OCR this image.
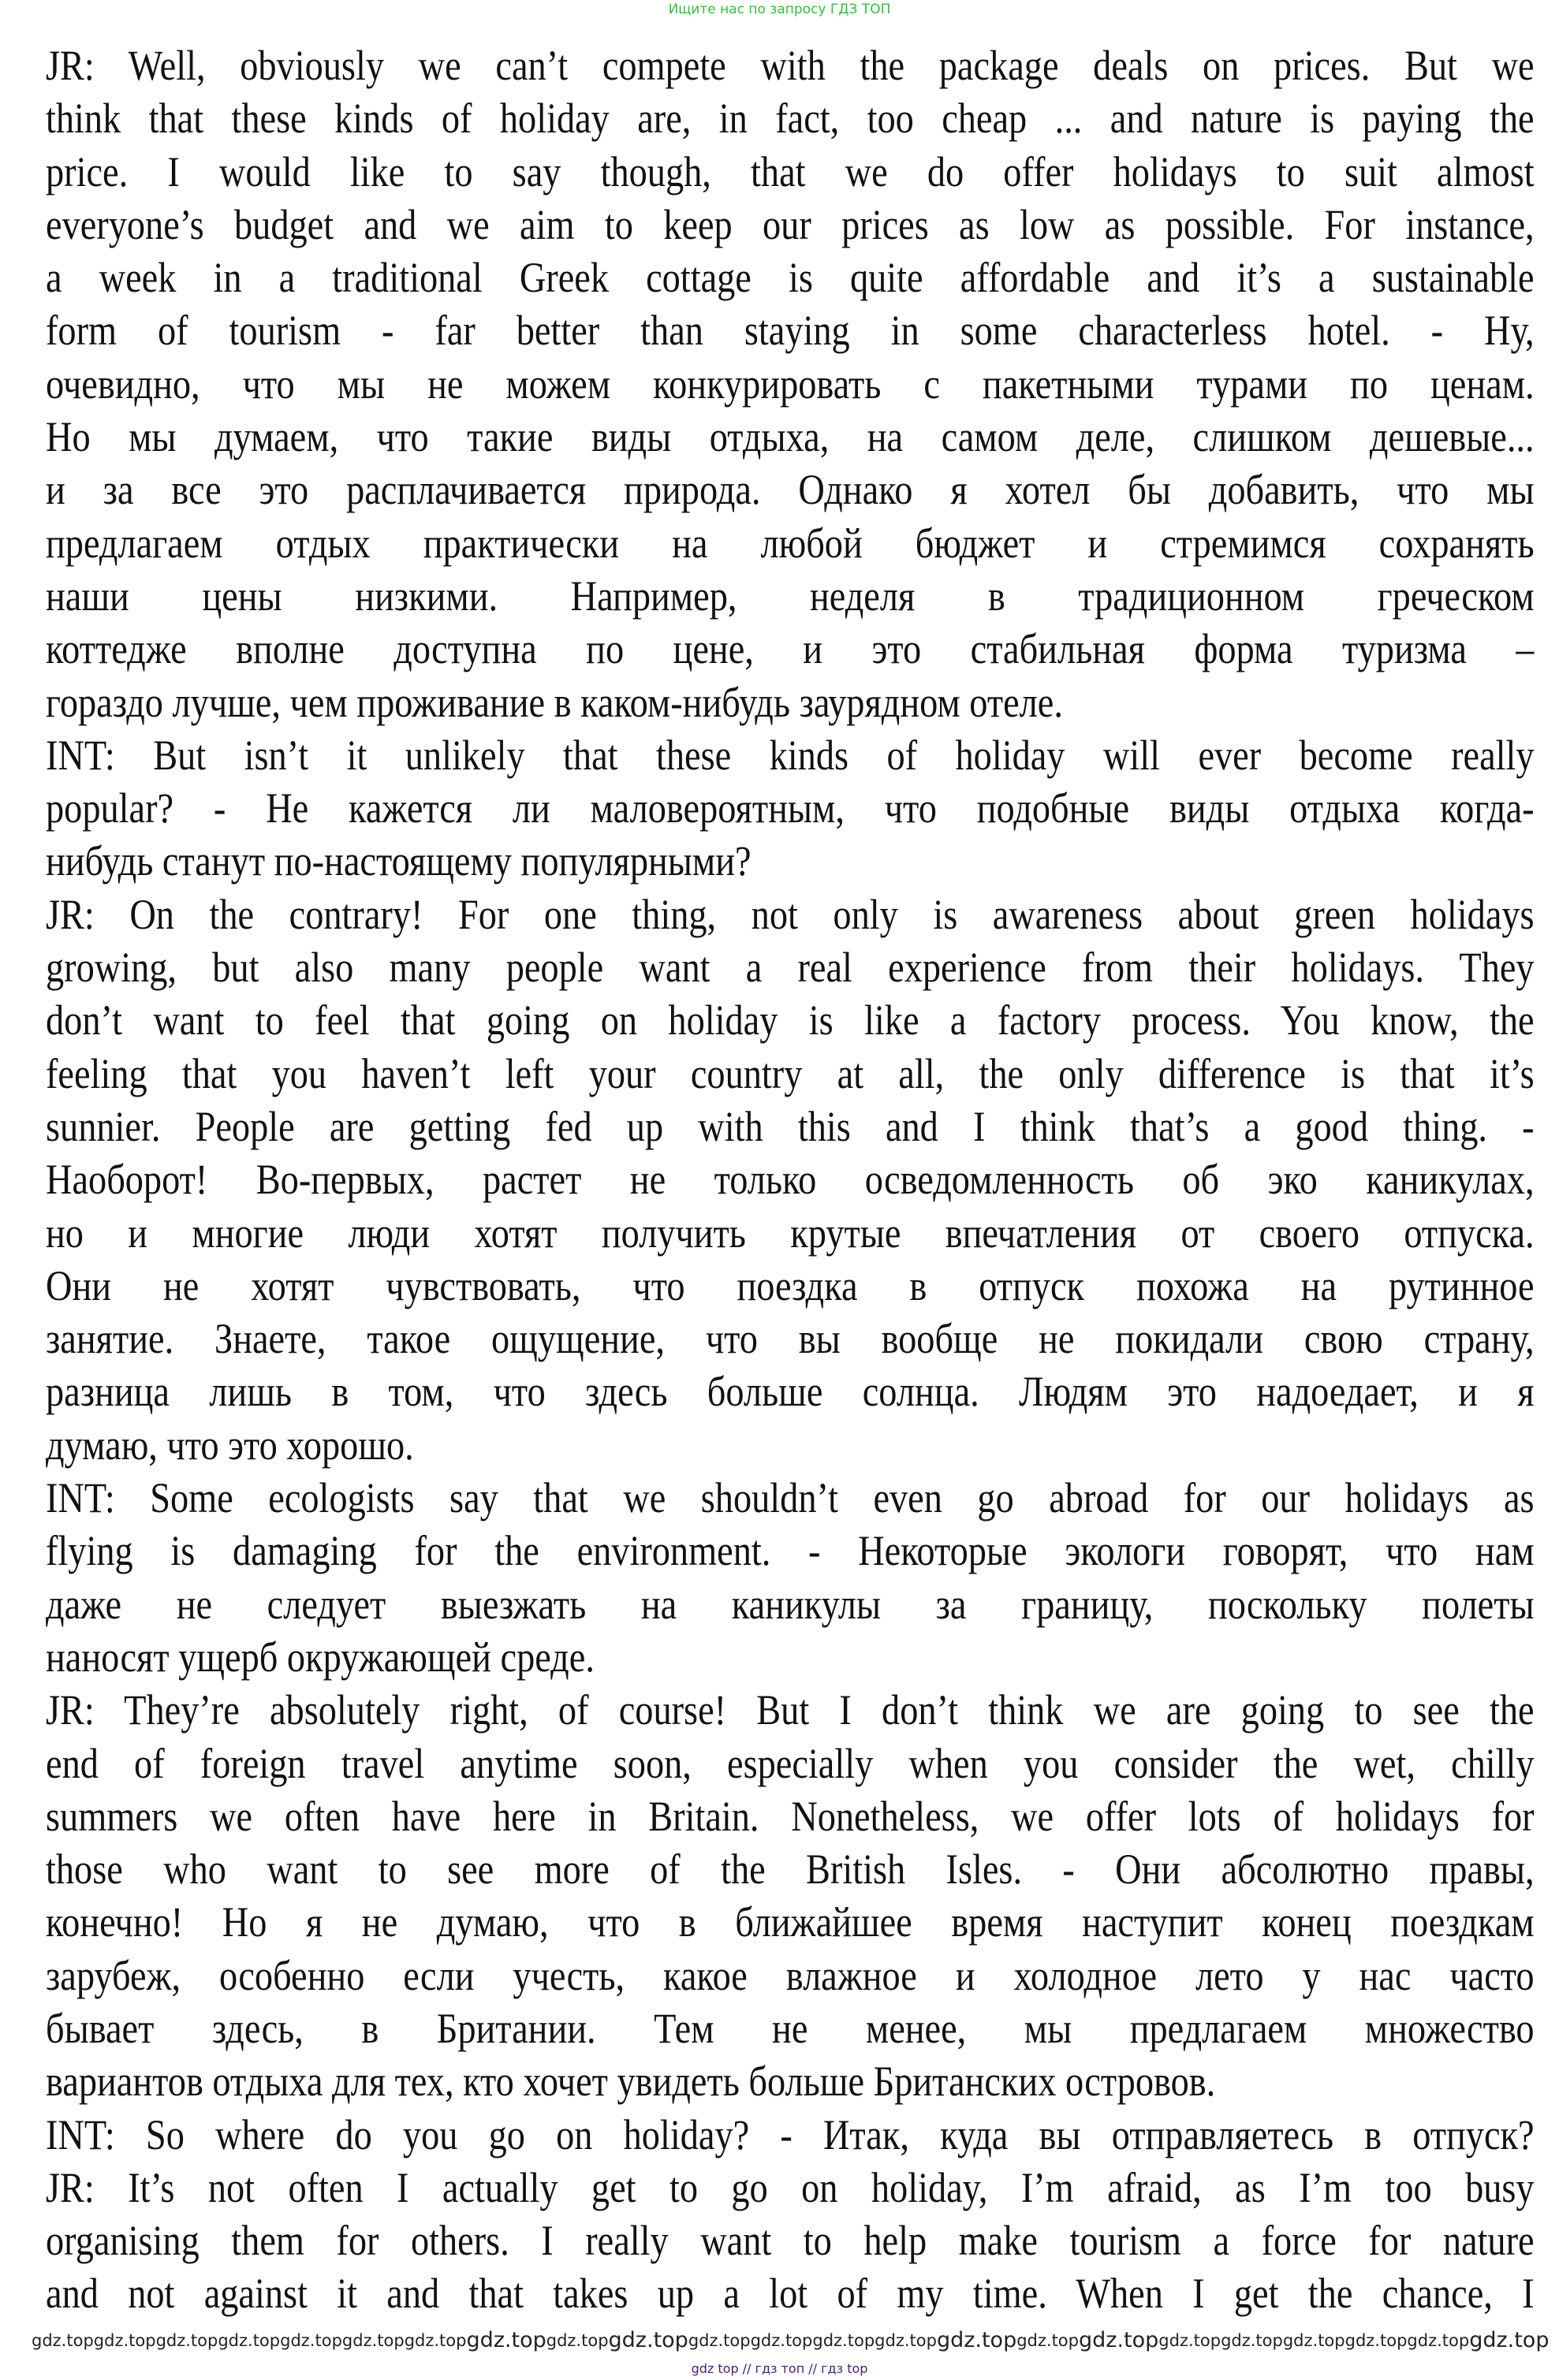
Ищите нас по запросу ГДЗ ТОП
JR: Well, obviously we can’t compete with the package deals on prices. But we
think that these kinds of holiday are, in fact, too cheap ... and nature is paying the
price. I would like to say though, that we do offer holidays to suit almost
everyone’s budget and we aim to keep our prices as low as possible. For instance,
a week in a traditional Greek cottage is quite affordable and it’s a sustainable
form of tourism - far better than staying in some characterless hotel. - Ну,
очевидно, что мы не можем конкурировать с пакетными турами по ценам.
Но мы думаем, что такие виды отдыха, на самом деле, слишком дешевые...
и за все это расплачивается природа. Однако я хотел бы добавить, что мы
предлагаем отдых практически на любой бюджет и стремимся сохранять
наши цены низкими. Например, неделя в традиционном греческом
коттедже вполне доступна по цене, и это стабильная форма туризма –
гораздо лучше, чем проживание в каком-нибудь заурядном отеле.
INT: But isn’t it unlikely that these kinds of holiday will ever become really
popular? - Не кажется ли маловероятным, что подобные виды отдыха когда-
нибудь станут по-настоящему популярными?
JR: On the contrary! For one thing, not only is awareness about green holidays
growing, but also many people want a real experience from their holidays. They
don’t want to feel that going on holiday is like a factory process. You know, the
feeling that you haven’t left your country at all, the only difference is that it’s
sunnier. People are getting fed up with this and I think that’s a good thing. -
Наоборот! Во-первых, растет не только осведомленность об эко каникулах,
но и многие люди хотят получить крутые впечатления от своего отпуска.
Они не хотят чувствовать, что поездка в отпуск похожа на рутинное
занятие. Знаете, такое ощущение, что вы вообще не покидали свою страну,
разница лишь в том, что здесь больше солнца. Людям это надоедает, и я
думаю, что это хорошо.
INT: Some ecologists say that we shouldn’t even go abroad for our holidays as
flying is damaging for the environment. - Некоторые экологи говорят, что нам
даже не следует выезжать на каникулы за границу, поскольку полеты
наносят ущерб окружающей среде.
JR: They’re absolutely right, of course! But I don’t think we are going to see the
end of foreign travel anytime soon, especially when you consider the wet, chilly
summers we often have here in Britain. Nonetheless, we offer lots of holidays for
those who want to see more of the British Isles. - Они абсолютно правы,
конечно! Но я не думаю, что в ближайшее время наступит конец поездкам
зарубеж, особенно если учесть, какое влажное и холодное лето у нас часто
бывает здесь, в Британии. Тем не менее, мы предлагаем множество
вариантов отдыха для тех, кто хочет увидеть больше Британских островов.
INT: So where do you go on holiday? - Итак, куда вы отправляетесь в отпуск?
JR: It’s not often I actually get to go on holiday, I’m afraid, as I’m too busy
organising them for others. I really want to help make tourism a force for nature
and not against it and that takes up a lot of my time. When I get the chance, I
gdz.top gdz.top gdz.top gdz.top gdz.top gdz.top gdz.top gdz.top gdz.top gdz.top gdz.top gdz.top gdz.top gdz.top gdz.top gdz.top gdz.top gdz.top gdz.top gdz.top gdz.top gdz.top gdz.top
gdz top // гдз топ // гдз top
